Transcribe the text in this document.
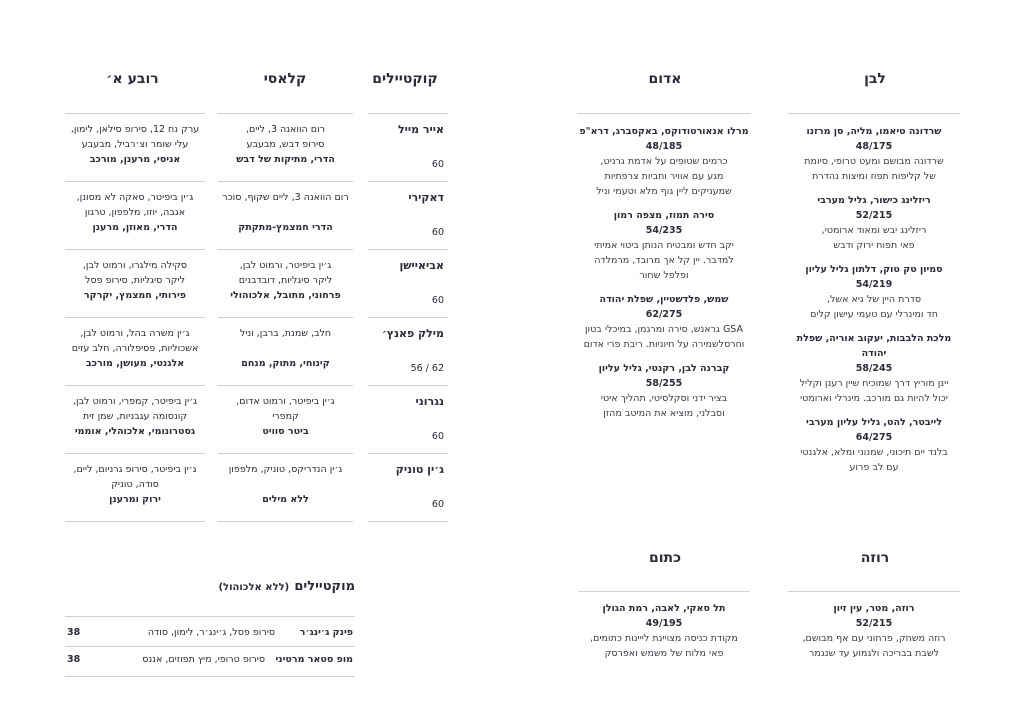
לבן
אדום
קוקטיילים
קלאסי
רובע א׳
רוזה
כתום
שרדונה טיאמו, מליה, סן מרזנו
48/175
שרדונה מבושם ומעט טרופי, סיומת
של קליפות תפוז ומיצות נהדרת
ריזלינג כישור, גליל מערבי
52/215
ריזלינג יבש ומאוד ארומטי,
פאי תפוח ירוק ודבש
סמיון טק טוק, דלתון גליל עליון
54/219
סדרת היין של גיא אשל,
חד ומינרלי עם טעמי עישון קלים
מלכת הלבבות, יעקוב אוריה, שפלת יהודה
58/245
יינן מוריץ דרך שמוכיח שיין רענן וקליל
יכול להיות גם מורכב. מינרלי וארומטי
לייבטר, להט, גליל עליון מערבי
64/275
בלנד יים תיכוני, שמנוני ומלא, אלגנטי
עם לב פרוע
מרלו אנאורטודוקס, באקסברג, דרא"פ
48/185
כרמים שטופים על אדמת גרניט,
מגע עם אוויר וחביות צרפתיות
שמעניקים ליין גוף מלא וטעמי וניל
סירה תמוז, מצפה רמון
54/235
יקב חדש ומבטיח הנותן ביטוי אמיתי
למדבר. יין קל אך מרובד, מרמלדה
ופלפל שחור
שמש, פלדשטיין, שפלת יהודה
62/275
GSA גראנש, סירה ומרגמן, במיכלי בטון
וחרסלשמירה על חיוניות. ריבת פרי אדום
קברנה לבן, רקנטי, גליל עליון
58/255
בציר ידני וסקלסיטי, תהליך איטי
וסבלני, מוציא את המיטב מהזן
רוזה, מטר, עין זיון
52/215
רוזה משחק, פרחוני עם אף מבושם,
לשבת בבריכה ולגמוע עד שנגמר
תל סאקי, לאבה, רמת הגולן
49/195
מקודת כניסה מצויינת לייינות כתומים,
פאי מלוח של משמש ואפרסק
אייר מייל
60
רום הוואנה 3, ליים,
סירופ דבש, מבעבע
הדרי, מתיקות של דבש
ערק נח 12, סירופ סילאן, לימון,
עלי שומר וצ׳רביל, מבעבע
אניסי, מרענן, מורכב
דאקירי
60
רום הוואנה 3, ליים שקוף, סוכר
הדרי חמצמץ-מתקתק
ג׳ין ביפיטר, סאקה לא מסונן,
אגבה, יוזו, מלפפון, טרגון
הדרי, מאוזן, מרענן
אביאיישן
60
ג׳ין ביפיטר, ורמוט לבן,
ליקר סיגליות, דובדבנים
פרחוני, מתובל, אלכוהולי
סקילה מילגרו, ורמוט לבן,
ליקר סיגליות, סירופ פסל
פירותי, חמצמץ, יקרקר
מילק פאנץ׳
62 / 56
חלב, שמנת, ברבן, וניל
קינוחי, מתוק, מנחם
ג׳ין משרה בהל, ורמוט לבן,
אשכוליות, פסיפלורה, חלב עזים
אלגנטי, מעושן, מורכב
נגרוני
60
ג׳ין ביפיטר, ורמוט אדום,
קמפרי
ביטר סוויט
ג׳ין ביפיטר, קמפרי, ורמוט לבן,
קונסומה עגבניות, שמן זית
גסטרונומי, אלכוהלי, אוממי
ג׳ין טוניק
60
ג׳ין הנדריקס, טוניק, מלפפון
ללא מילים
ג׳ין ביפיטר, סירופ גרניום, ליים,
סודה, טוניק
ירוק ומרענן
מוקטיילים (ללא אלכוהול)
פינק ג׳ינג׳ר
סירופ פסל, ג׳ינג׳ר, לימון, סודה
38
מופ סטאר מרטיני
סירופ טרופי, מיץ תפוזים, אננס
38
